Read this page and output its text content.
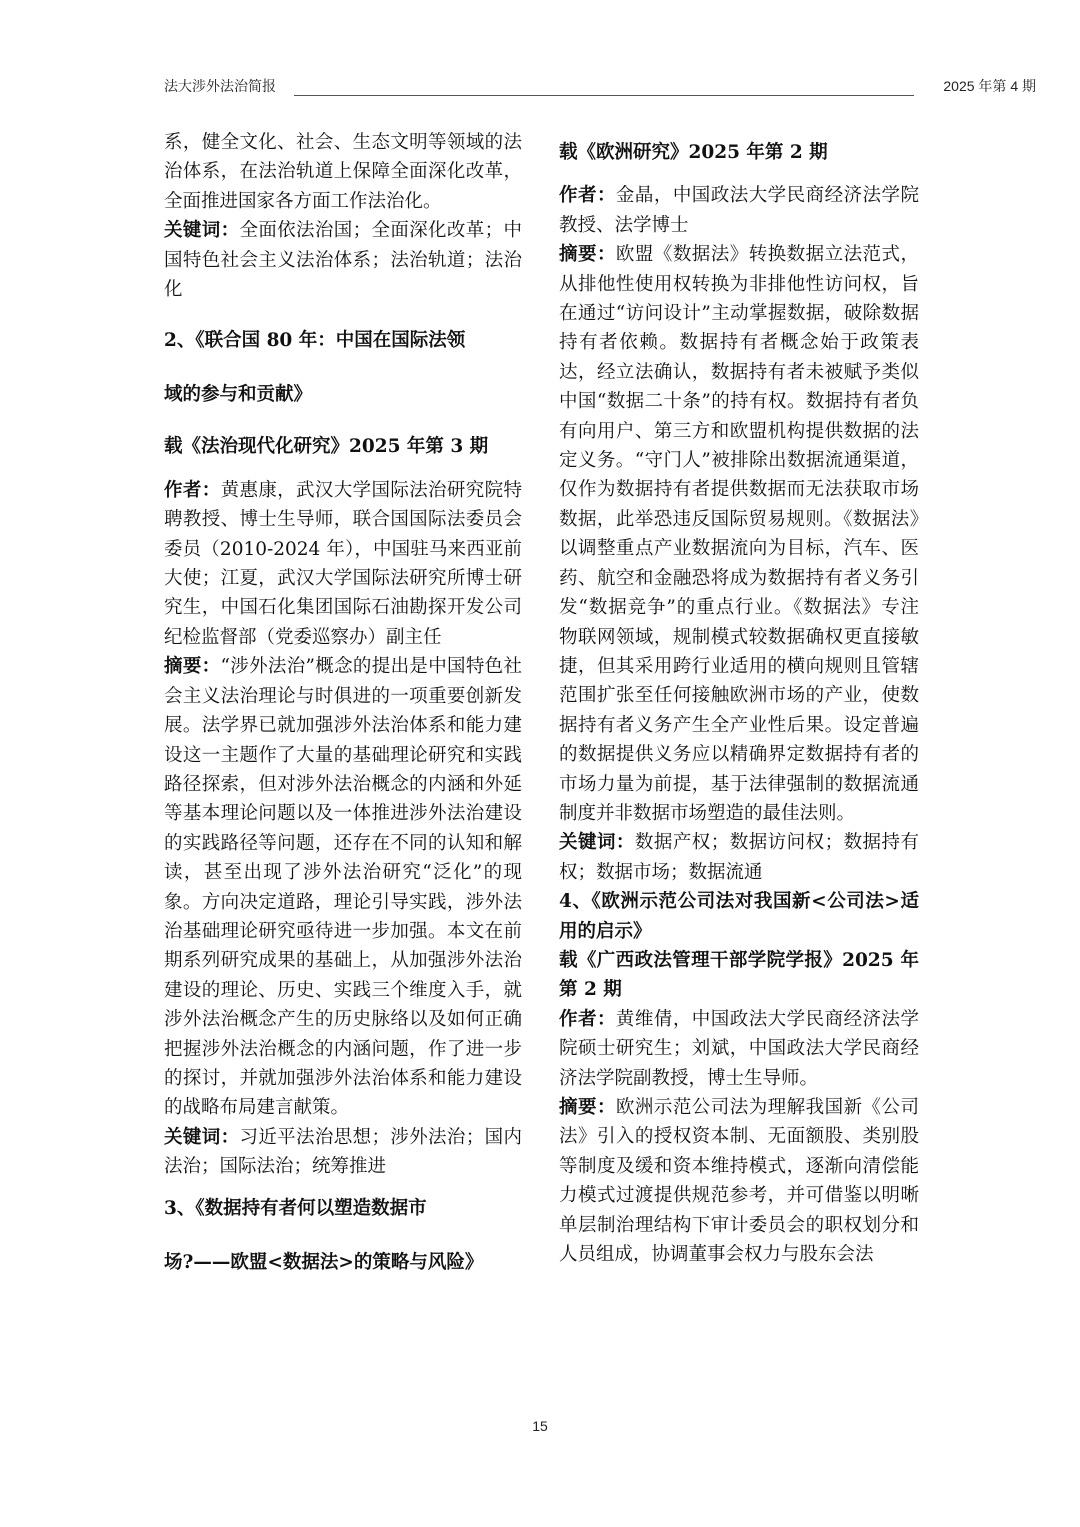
法大涉外法治简报	2025 年第 4 期

系，健全文化、社会、生态文明等领域的法治体系，在法治轨道上保障全面深化改革，全面推进国家各方面工作法治化。

关键词：全面依法治国；全面深化改革；中国特色社会主义法治体系；法治轨道；法治化

2、《联合国 80 年：中国在国际法领
域的参与和贡献》

载《法治现代化研究》2025 年第 3 期

作者：黄惠康，武汉大学国际法治研究院特聘教授、博士生导师，联合国国际法委员会委员（2010-2024 年），中国驻马来西亚前大使；江夏，武汉大学国际法研究所博士研究生，中国石化集团国际石油勘探开发公司纪检监督部（党委巡察办）副主任

摘要：“涉外法治”概念的提出是中国特色社会主义法治理论与时俱进的一项重要创新发展。法学界已就加强涉外法治体系和能力建设这一主题作了大量的基础理论研究和实践路径探索，但对涉外法治概念的内涵和外延等基本理论问题以及一体推进涉外法治建设的实践路径等问题，还存在不同的认知和解读，甚至出现了涉外法治研究“泛化”的现象。方向决定道路，理论引导实践，涉外法治基础理论研究亟待进一步加强。本文在前期系列研究成果的基础上，从加强涉外法治建设的理论、历史、实践三个维度入手，就涉外法治概念产生的历史脉络以及如何正确把握涉外法治概念的内涵问题，作了进一步的探讨，并就加强涉外法治体系和能力建设的战略布局建言献策。

关键词：习近平法治思想；涉外法治；国内法治；国际法治；统筹推进

3、《数据持有者何以塑造数据市
场?——欧盟<数据法>的策略与风险》

载《欧洲研究》2025 年第 2 期

作者：金晶，中国政法大学民商经济法学院教授、法学博士

摘要：欧盟《数据法》转换数据立法范式，从排他性使用权转换为非排他性访问权，旨在通过“访问设计”主动掌握数据，破除数据持有者依赖。数据持有者概念始于政策表达，经立法确认，数据持有者未被赋予类似中国“数据二十条”的持有权。数据持有者负有向用户、第三方和欧盟机构提供数据的法定义务。“守门人”被排除出数据流通渠道，仅作为数据持有者提供数据而无法获取市场数据，此举恐违反国际贸易规则。《数据法》以调整重点产业数据流向为目标，汽车、医药、航空和金融恐将成为数据持有者义务引发“数据竞争”的重点行业。《数据法》专注物联网领域，规制模式较数据确权更直接敏捷，但其采用跨行业适用的横向规则且管辖范围扩张至任何接触欧洲市场的产业，使数据持有者义务产生全产业性后果。设定普遍的数据提供义务应以精确界定数据持有者的市场力量为前提，基于法律强制的数据流通制度并非数据市场塑造的最佳法则。

关键词：数据产权；数据访问权；数据持有权；数据市场；数据流通

4、《欧洲示范公司法对我国新<公司法>适用的启示》

载《广西政法管理干部学院学报》2025 年第 2 期

作者：黄维倩，中国政法大学民商经济法学院硕士研究生；刘斌，中国政法大学民商经济法学院副教授，博士生导师。

摘要：欧洲示范公司法为理解我国新《公司法》引入的授权资本制、无面额股、类别股等制度及缓和资本维持模式，逐渐向清偿能力模式过渡提供规范参考，并可借鉴以明晰单层制治理结构下审计委员会的职权划分和人员组成，协调董事会权力与股东会法

15
